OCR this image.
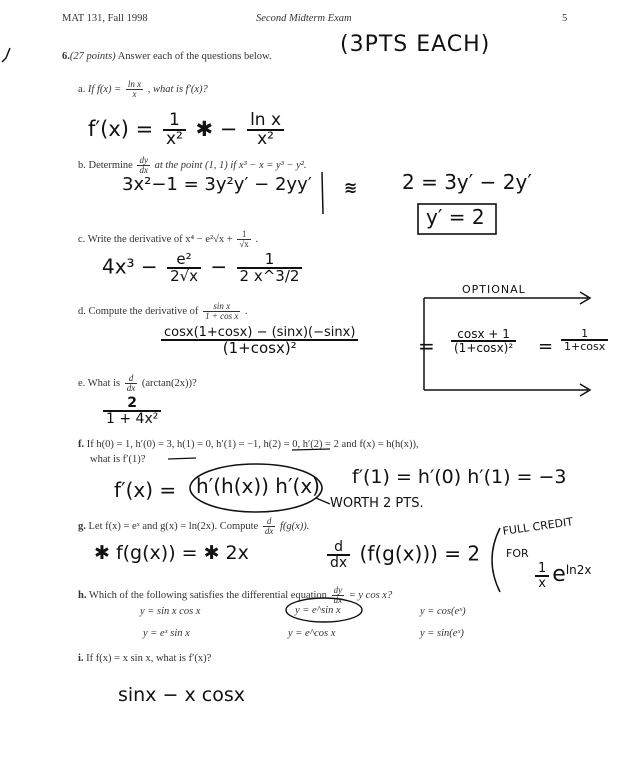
MAT 131, Fall 1998	Second Midterm Exam	5
6.(27 points) Answer each of the questions below.	(3PTS EACH)
a. If $f(x) = \frac{\text{ln x}}{x}$ , what is f′(x)?
$f'(x) = \frac{1}{\text{x²}}$ ✱ − $\frac{\text{ln x}}{\text{x²}}$
b. Determine $\frac{dy}{dx}$ at the point (1, 1) if x³ − x = y³ − y².
3x²−1 = 3y²y′ − 2yy′ ≋ 2 = 3y′ − 2y′
y′ = 2
c. Write the derivative of $x^4 - e^2√x + \frac{1}{√x}$ .
$4x^3 - \frac{\text{e²}}{2√x} - \frac{1}{2 x\^{}3/2}$
d. Compute the derivative of $\frac{\text{sin x}}{\text{1 + cos x}}$ .
OPTIONAL
$\frac{\cos x(1+\cos x) - (\sin x)(-\sin x)}{\text{(1+cosx)²}}$	= $\frac{\cos x + 1}{\text{(1+cosx)²}} = \frac{1}{1+\cos x}$
e. What is $\frac{d}{dx} (\arctan(2x))$?
$\frac{2}{\text{1 + 4x²}}$
f. If h(0) = 1, h′(0) = 3, h(1) = 0, h′(1) = −1, h(2) = 0, h′(2) = 2 and f(x) = h(h(x)),
what is f′(1)?
f′(x) = h′(h(x)) h′(x) f′(1) = h′(0) h′(1) = −3
WORTH 2 PTS.
g. Let f(x) = eˣ and g(x) = ln(2x). Compute $\frac{d}{dx} f(g(x))$.
✱ f(g(x)) = ✱ 2x	$\frac{d}{dx} (f(g(x))) = 2$
FULL CREDIT
FOR
$\frac{1}{x} e^{ln2x}$
h. Which of the following satisfies the differential equation $\frac{dy}{dx} = y$ cos x?
y = sin x cos x	y = e^sin x	y = cos(eˣ)
y = eˣ sin x	y = e^cos x	y = sin(eˣ)
i. If f(x) = x sin x, what is f′(x)?
sinx − x cosx
